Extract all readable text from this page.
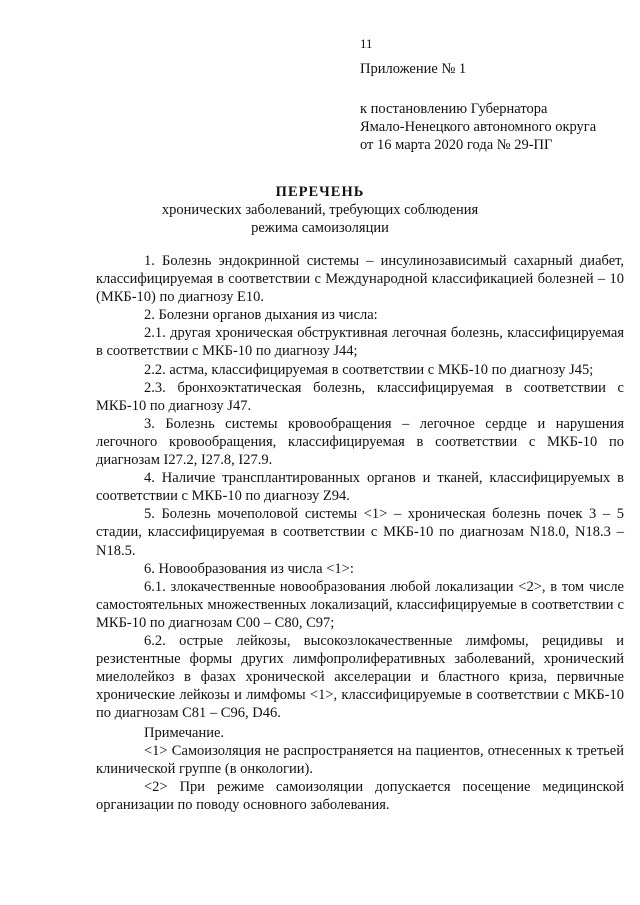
11
Приложение № 1
к постановлению Губернатора
Ямало-Ненецкого автономного округа
от 16 марта 2020 года № 29-ПГ
ПЕРЕЧЕНЬ
хронических заболеваний, требующих соблюдения
режима самоизоляции

1. Болезнь эндокринной системы – инсулинозависимый сахарный диабет, классифицируемая в соответствии с Международной классификацией болезней – 10 (МКБ-10) по диагнозу E10.

2. Болезни органов дыхания из числа:

2.1. другая хроническая обструктивная легочная болезнь, классифицируемая в соответствии с МКБ-10 по диагнозу J44;

2.2. астма, классифицируемая в соответствии с МКБ-10 по диагнозу J45;

2.3. бронхоэктатическая болезнь, классифицируемая в соответствии с МКБ-10 по диагнозу J47.

3. Болезнь системы кровообращения – легочное сердце и нарушения легочного кровообращения, классифицируемая в соответствии с МКБ-10 по диагнозам I27.2, I27.8, I27.9.

4. Наличие трансплантированных органов и тканей, классифицируемых в соответствии с МКБ-10 по диагнозу Z94.

5. Болезнь мочеполовой системы <1> – хроническая болезнь почек 3 – 5 стадии, классифицируемая в соответствии с МКБ-10 по диагнозам N18.0, N18.3 – N18.5.

6. Новообразования из числа <1>:

6.1. злокачественные новообразования любой локализации <2>, в том числе самостоятельных множественных локализаций, классифицируемые в соответствии с МКБ-10 по диагнозам C00 – C80, C97;

6.2. острые лейкозы, высокозлокачественные лимфомы, рецидивы и резистентные формы других лимфопролиферативных заболеваний, хронический миелолейкоз в фазах хронической акселерации и бластного криза, первичные хронические лейкозы и лимфомы <1>, классифицируемые в соответствии с МКБ-10 по диагнозам C81 – C96, D46.

Примечание.

<1> Самоизоляция не распространяется на пациентов, отнесенных к третьей клинической группе (в онкологии).

<2> При режиме самоизоляции допускается посещение медицинской организации по поводу основного заболевания.
